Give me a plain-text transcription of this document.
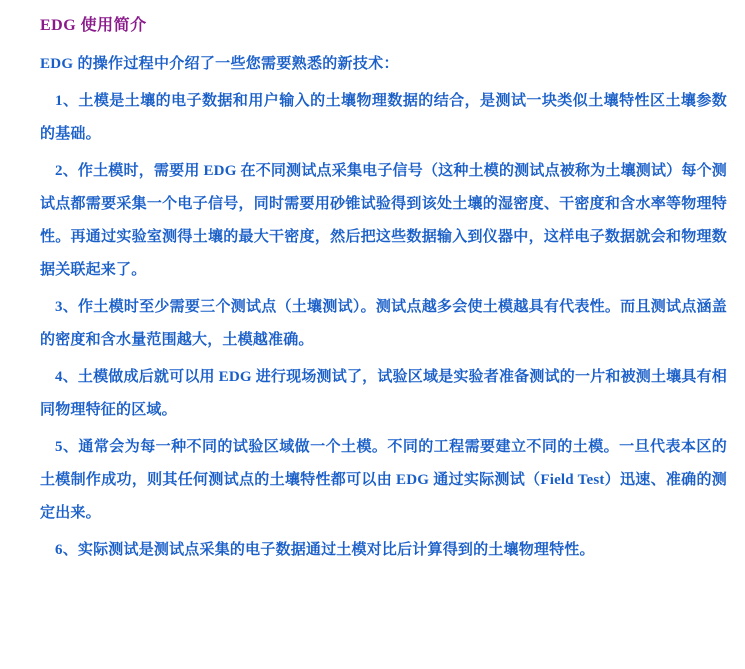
EDG 使用简介

EDG 的操作过程中介绍了一些您需要熟悉的新技术：

1、土模是土壤的电子数据和用户输入的土壤物理数据的结合，是测试一块类似土壤特性区土壤参数的基础。

2、作土模时，需要用 EDG 在不同测试点采集电子信号（这种土模的测试点被称为土壤测试）每个测试点都需要采集一个电子信号，同时需要用砂锥试验得到该处土壤的湿密度、干密度和含水率等物理特性。再通过实验室测得土壤的最大干密度，然后把这些数据输入到仪器中，这样电子数据就会和物理数据关联起来了。

3、作土模时至少需要三个测试点（土壤测试）。测试点越多会使土模越具有代表性。而且测试点涵盖的密度和含水量范围越大，土模越准确。

4、土模做成后就可以用 EDG 进行现场测试了，试验区域是实验者准备测试的一片和被测土壤具有相同物理特征的区域。

5、通常会为每一种不同的试验区域做一个土模。不同的工程需要建立不同的土模。一旦代表本区的土模制作成功，则其任何测试点的土壤特性都可以由 EDG 通过实际测试（Field Test）迅速、准确的测定出来。

6、实际测试是测试点采集的电子数据通过土模对比后计算得到的土壤物理特性。
